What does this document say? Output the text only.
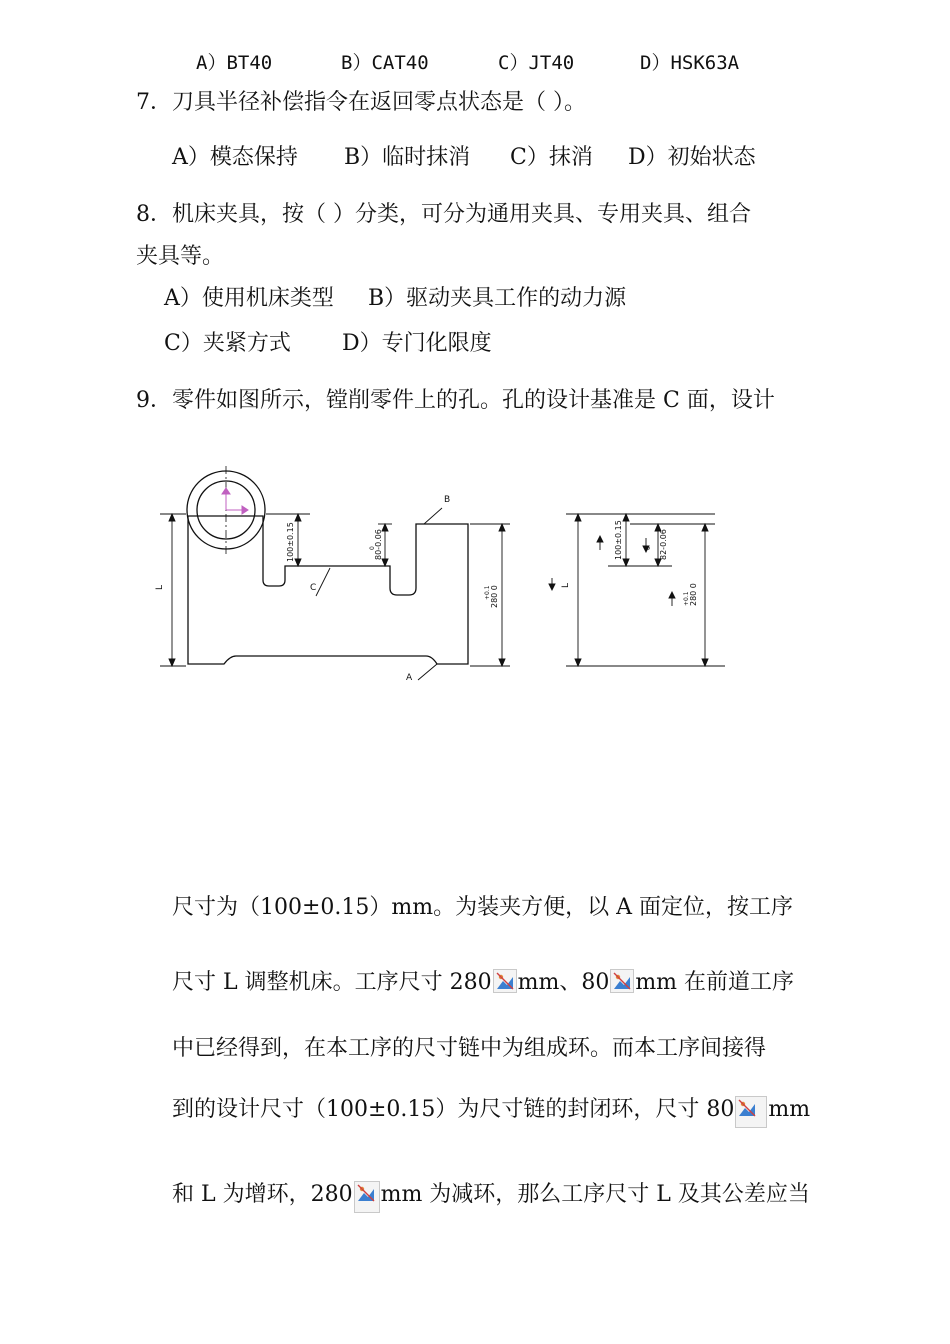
A）BT40	B）CAT40	C）JT40	D）HSK63A
7．刀具半径补偿指令在返回零点状态是（ ）。
A）模态保持 B）临时抹消 C）抹消 D）初始状态
8．机床夹具，按（ ）分类，可分为通用夹具、专用夹具、组合
夹具等。
A）使用机床类型 B）驱动夹具工作的动力源
C）夹紧方式 D）专门化限度
9．零件如图所示，镗削零件上的孔。孔的设计基准是 C 面，设计
B
C
A
L
100±0.15	0
80-0.06
+0.1 280 0	L
100±0.15	0 82-0.06
+0.1 280 0
尺寸为（100±0.15）mm。为装夹方便，以 A 面定位，按工序
尺寸 L 调整机床。工序尺寸 280 mm、80 mm 在前道工序
中已经得到，在本工序的尺寸链中为组成环。而本工序间接得
到的设计尺寸（100±0.15）为尺寸链的封闭环，尺寸 80 mm
和 L 为增环，280 mm 为减环，那么工序尺寸 L 及其公差应当
